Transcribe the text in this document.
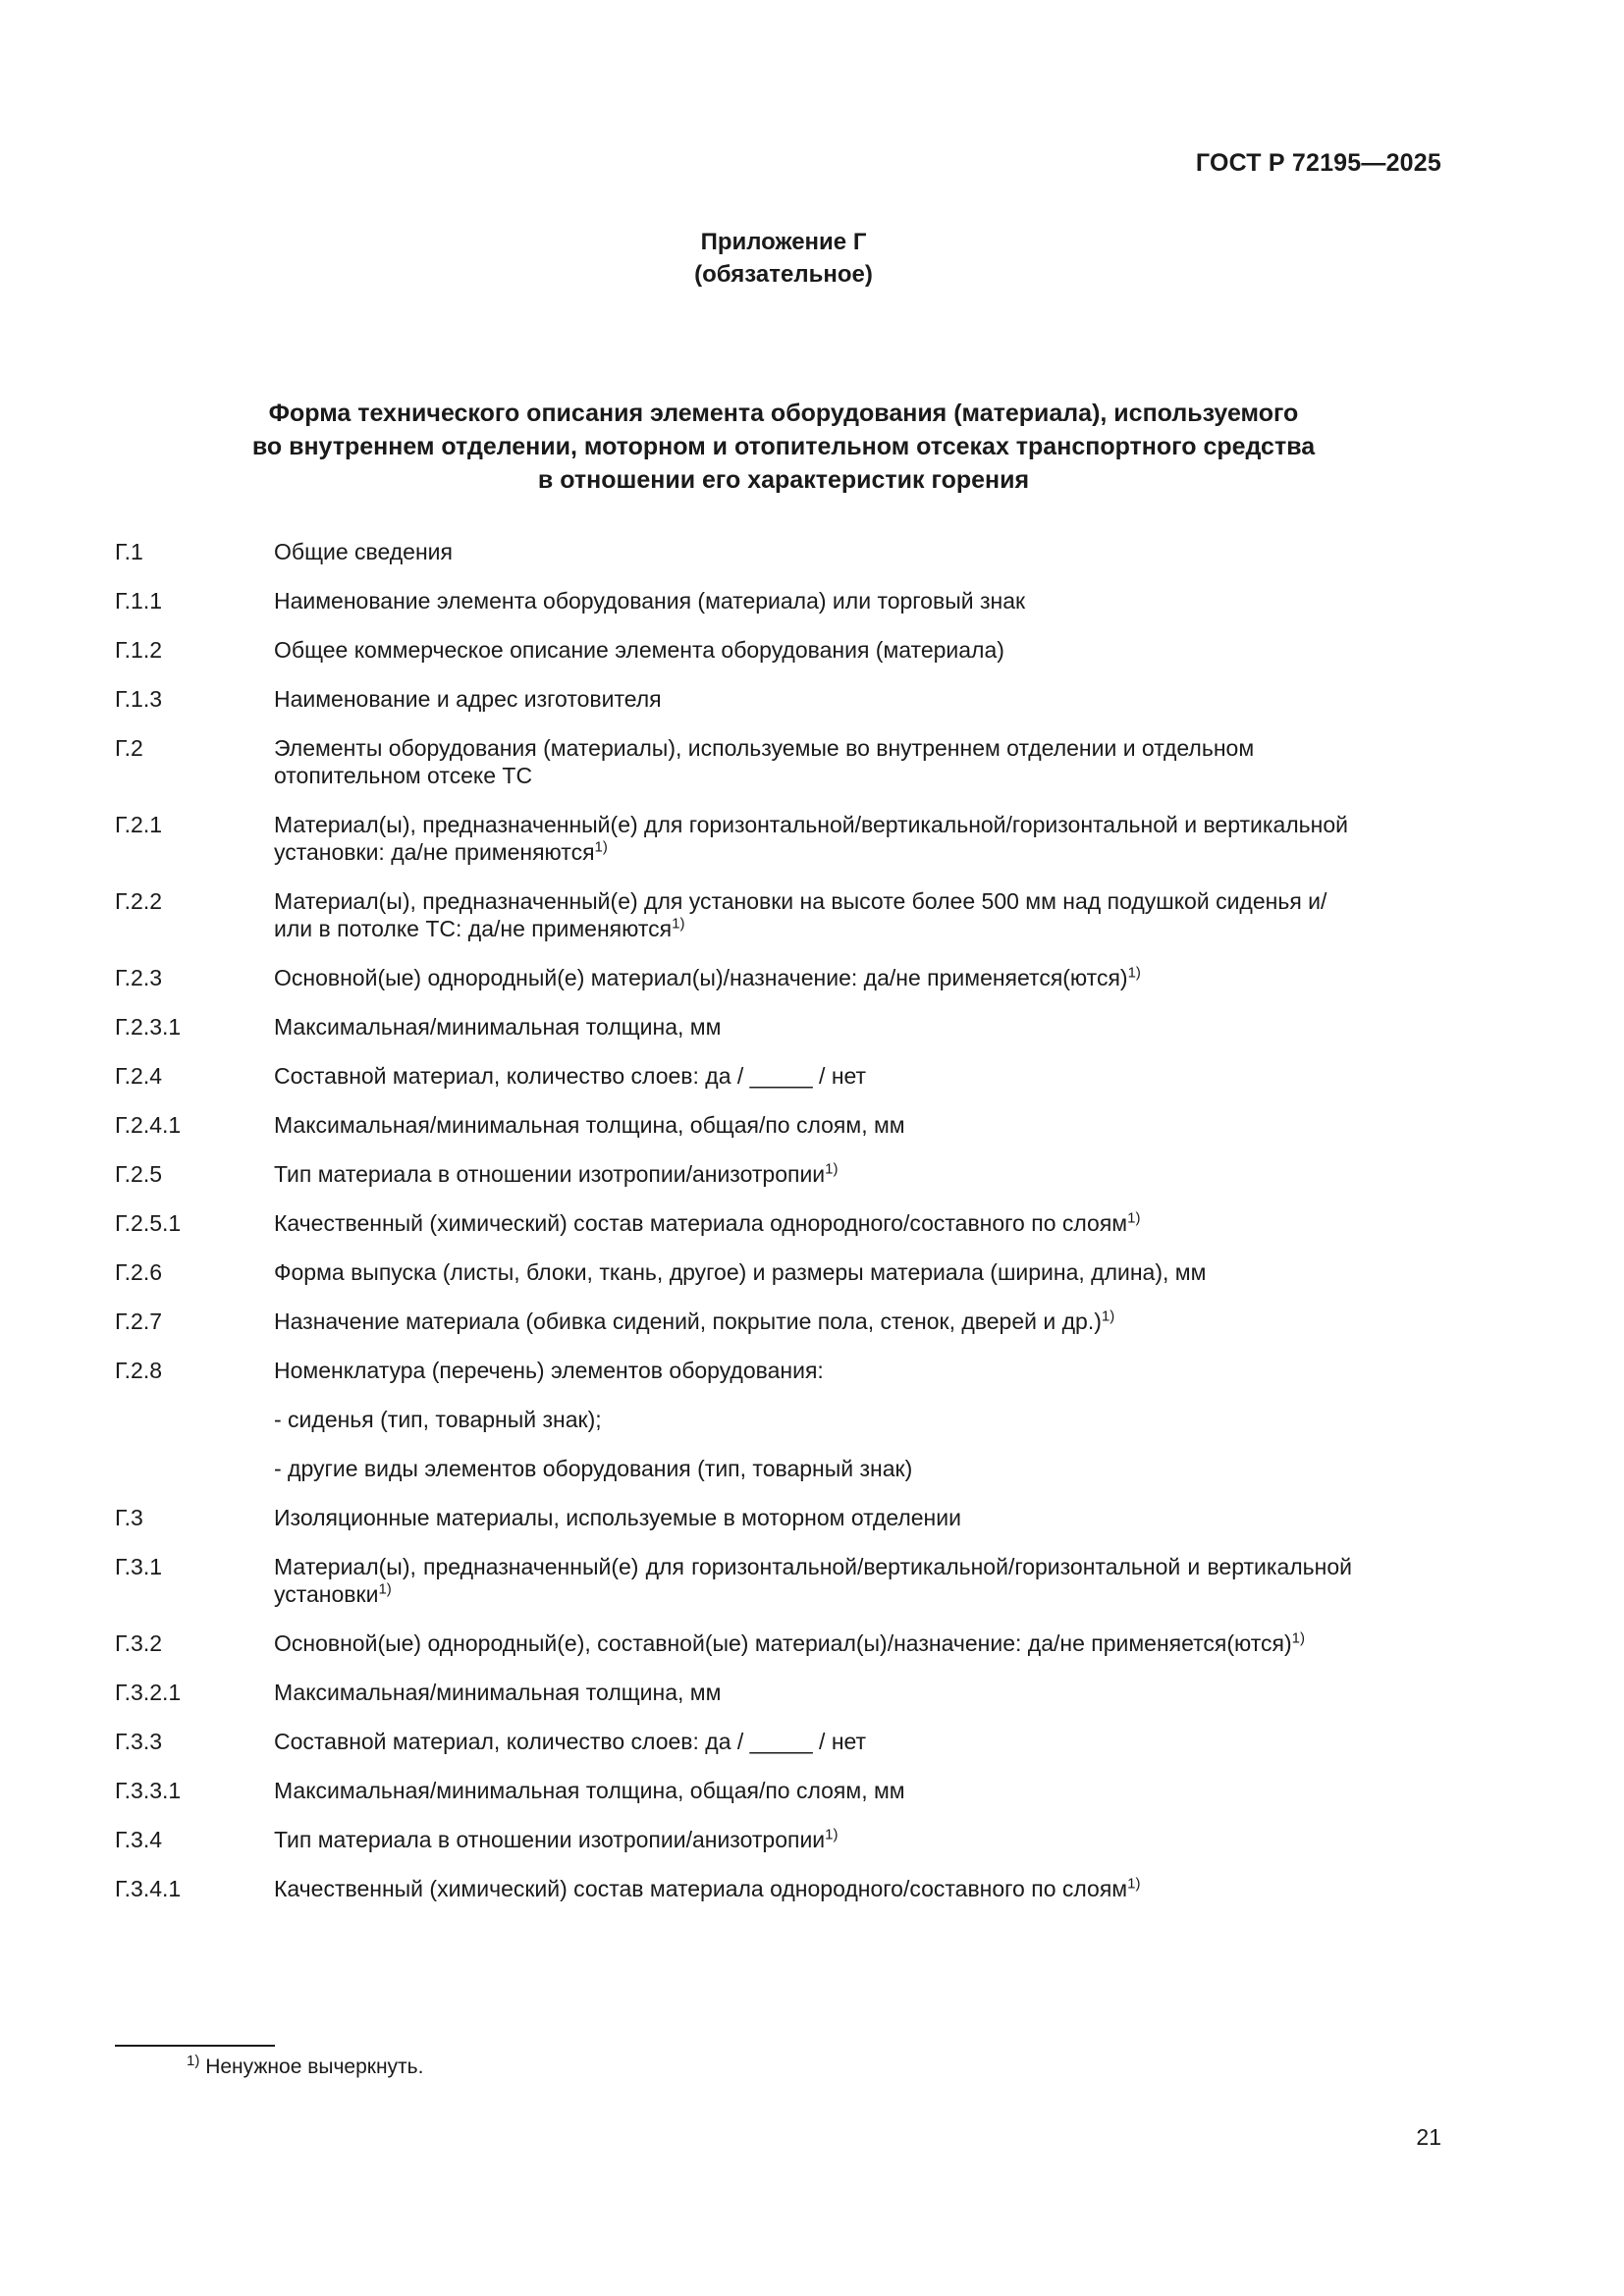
ГОСТ Р 72195—2025
Приложение Г
(обязательное)
Форма технического описания элемента оборудования (материала), используемого
во внутреннем отделении, моторном и отопительном отсеках транспортного средства
в отношении его характеристик горения
Г.1	Общие сведения
Г.1.1	Наименование элемента оборудования (материала) или торговый знак
Г.1.2	Общее коммерческое описание элемента оборудования (материала)
Г.1.3	Наименование и адрес изготовителя
Г.2	Элементы оборудования (материалы), используемые во внутреннем отделении и отдельном отопительном отсеке ТС
Г.2.1	Материал(ы), предназначенный(е) для горизонтальной/вертикальной/горизонтальной и вертикальной установки: да/не применяются$^{1)}$
Г.2.2	Материал(ы), предназначенный(е) для установки на высоте более 500 мм над подушкой сиденья и/или в потолке ТС: да/не применяются$^{1)}$
Г.2.3	Основной(ые) однородный(е) материал(ы)/назначение: да/не применяется(ются)$^{1)}$
Г.2.3.1	Максимальная/минимальная толщина, мм
Г.2.4	Составной материал, количество слоев: да / _____ / нет
Г.2.4.1	Максимальная/минимальная толщина, общая/по слоям, мм
Г.2.5	Тип материала в отношении изотропии/анизотропии$^{1)}$
Г.2.5.1	Качественный (химический) состав материала однородного/составного по слоям$^{1)}$
Г.2.6	Форма выпуска (листы, блоки, ткань, другое) и размеры материала (ширина, длина), мм
Г.2.7	Назначение материала (обивка сидений, покрытие пола, стенок, дверей и др.)$^{1)}$
Г.2.8	Номенклатура (перечень) элементов оборудования:
- сиденья (тип, товарный знак);
- другие виды элементов оборудования (тип, товарный знак)
Г.3	Изоляционные материалы, используемые в моторном отделении
Г.3.1	Материал(ы), предназначенный(е) для горизонтальной/вертикальной/горизонтальной и вертикальной установки$^{1)}$
Г.3.2	Основной(ые) однородный(е), составной(ые) материал(ы)/назначение: да/не применяется(ются)$^{1)}$
Г.3.2.1	Максимальная/минимальная толщина, мм
Г.3.3	Составной материал, количество слоев: да / _____ / нет
Г.3.3.1	Максимальная/минимальная толщина, общая/по слоям, мм
Г.3.4	Тип материала в отношении изотропии/анизотропии$^{1)}$
Г.3.4.1	Качественный (химический) состав материала однородного/составного по слоям$^{1)}$
$^{1)}$ Ненужное вычеркнуть.
21
